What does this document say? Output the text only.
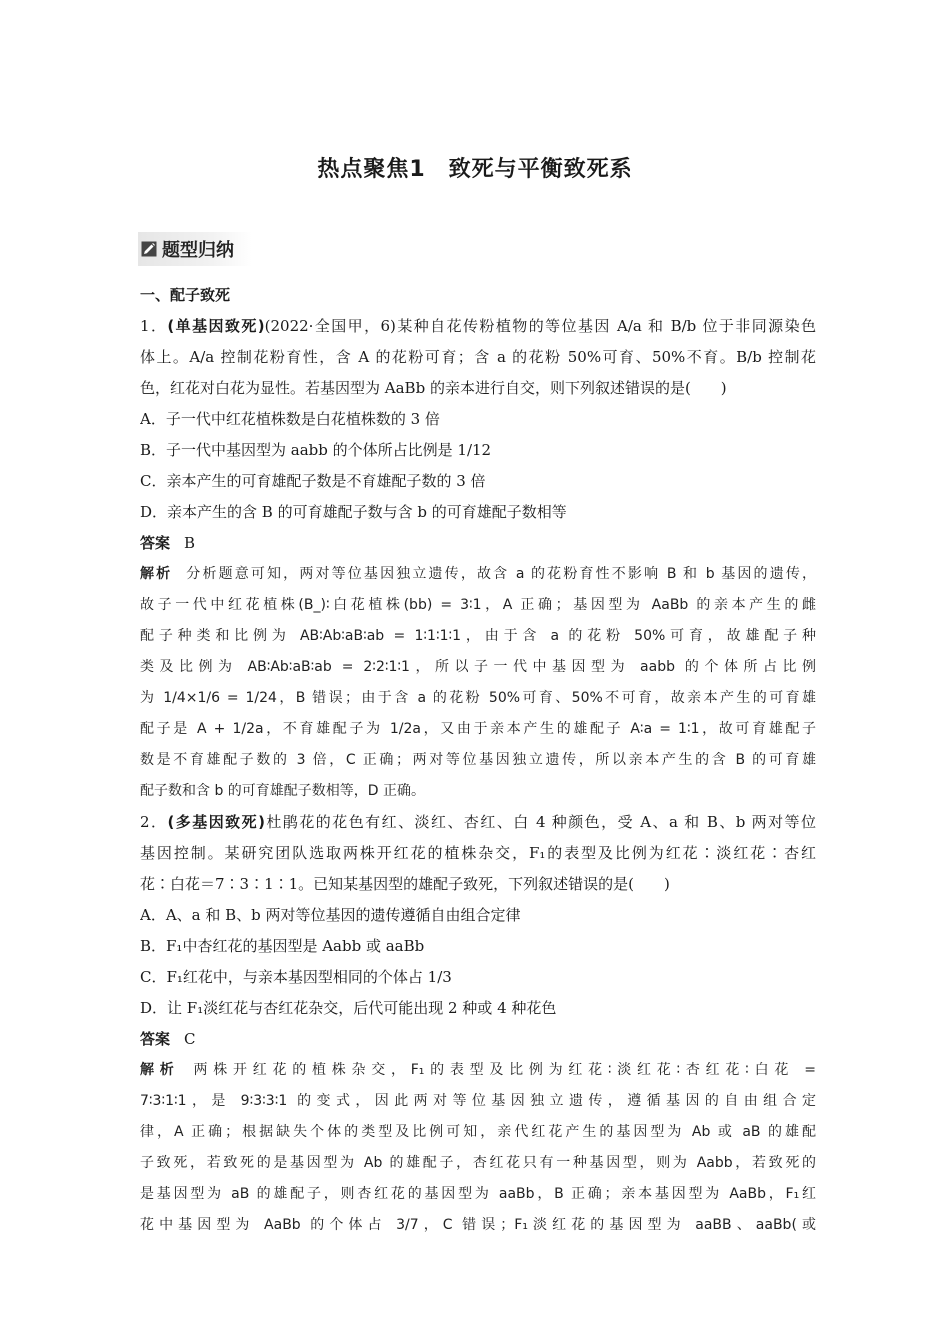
热点聚焦1　致死与平衡致死系
题型归纳
一、配子致死
1．(单基因致死)(2022·全国甲，6)某种自花传粉植物的等位基因 A/a 和 B/b 位于非同源染色
体上。A/a 控制花粉育性，含 A 的花粉可育；含 a 的花粉 50%可育、50%不育。B/b 控制花
色，红花对白花为显性。若基因型为 AaBb 的亲本进行自交，则下列叙述错误的是(　　)
A．子一代中红花植株数是白花植株数的 3 倍
B．子一代中基因型为 aabb 的个体所占比例是 1/12
C．亲本产生的可育雄配子数是不育雄配子数的 3 倍
D．亲本产生的含 B 的可育雄配子数与含 b 的可育雄配子数相等
答案 B
解析 分析题意可知，两对等位基因独立遗传，故含 a 的花粉育性不影响 B 和 b 基因的遗传，
故子一代中红花植株(B_)∶白花植株(bb) = 3∶1，A 正确；基因型为 AaBb 的亲本产生的雌
配子种类和比例为 AB∶Ab∶aB∶ab = 1∶1∶1∶1，由于含 a 的花粉 50%可育，故雄配子种
类及比例为 AB∶Ab∶aB∶ab = 2∶2∶1∶1，所以子一代中基因型为 aabb 的个体所占比例
为 1/4×1/6 = 1/24，B 错误；由于含 a 的花粉 50%可育、50%不可育，故亲本产生的可育雄
配子是 A + 1/2a，不育雄配子为 1/2a，又由于亲本产生的雄配子 A∶a = 1∶1，故可育雄配子
数是不育雄配子数的 3 倍，C 正确；两对等位基因独立遗传，所以亲本产生的含 B 的可育雄
配子数和含 b 的可育雄配子数相等，D 正确。
2．(多基因致死)杜鹃花的花色有红、淡红、杏红、白 4 种颜色，受 A、a 和 B、b 两对等位
基因控制。某研究团队选取两株开红花的植株杂交，F₁的表型及比例为红花∶淡红花∶杏红
花∶白花＝7∶3∶1∶1。已知某基因型的雄配子致死，下列叙述错误的是(　　)
A．A、a 和 B、b 两对等位基因的遗传遵循自由组合定律
B．F₁中杏红花的基因型是 Aabb 或 aaBb
C．F₁红花中，与亲本基因型相同的个体占 1/3
D．让 F₁淡红花与杏红花杂交，后代可能出现 2 种或 4 种花色
答案 C
解析 两株开红花的植株杂交，F₁的表型及比例为红花∶淡红花∶杏红花∶白花 =
7∶3∶1∶1，是 9∶3∶3∶1 的变式，因此两对等位基因独立遗传，遵循基因的自由组合定
律，A 正确；根据缺失个体的类型及比例可知，亲代红花产生的基因型为 Ab 或 aB 的雄配
子致死，若致死的是基因型为 Ab 的雄配子，杏红花只有一种基因型，则为 Aabb，若致死的
是基因型为 aB 的雄配子，则杏红花的基因型为 aaBb，B 正确；亲本基因型为 AaBb，F₁红
花中基因型为 AaBb 的个体占 3/7，C 错误；F₁淡红花的基因型为 aaBB、aaBb(或
